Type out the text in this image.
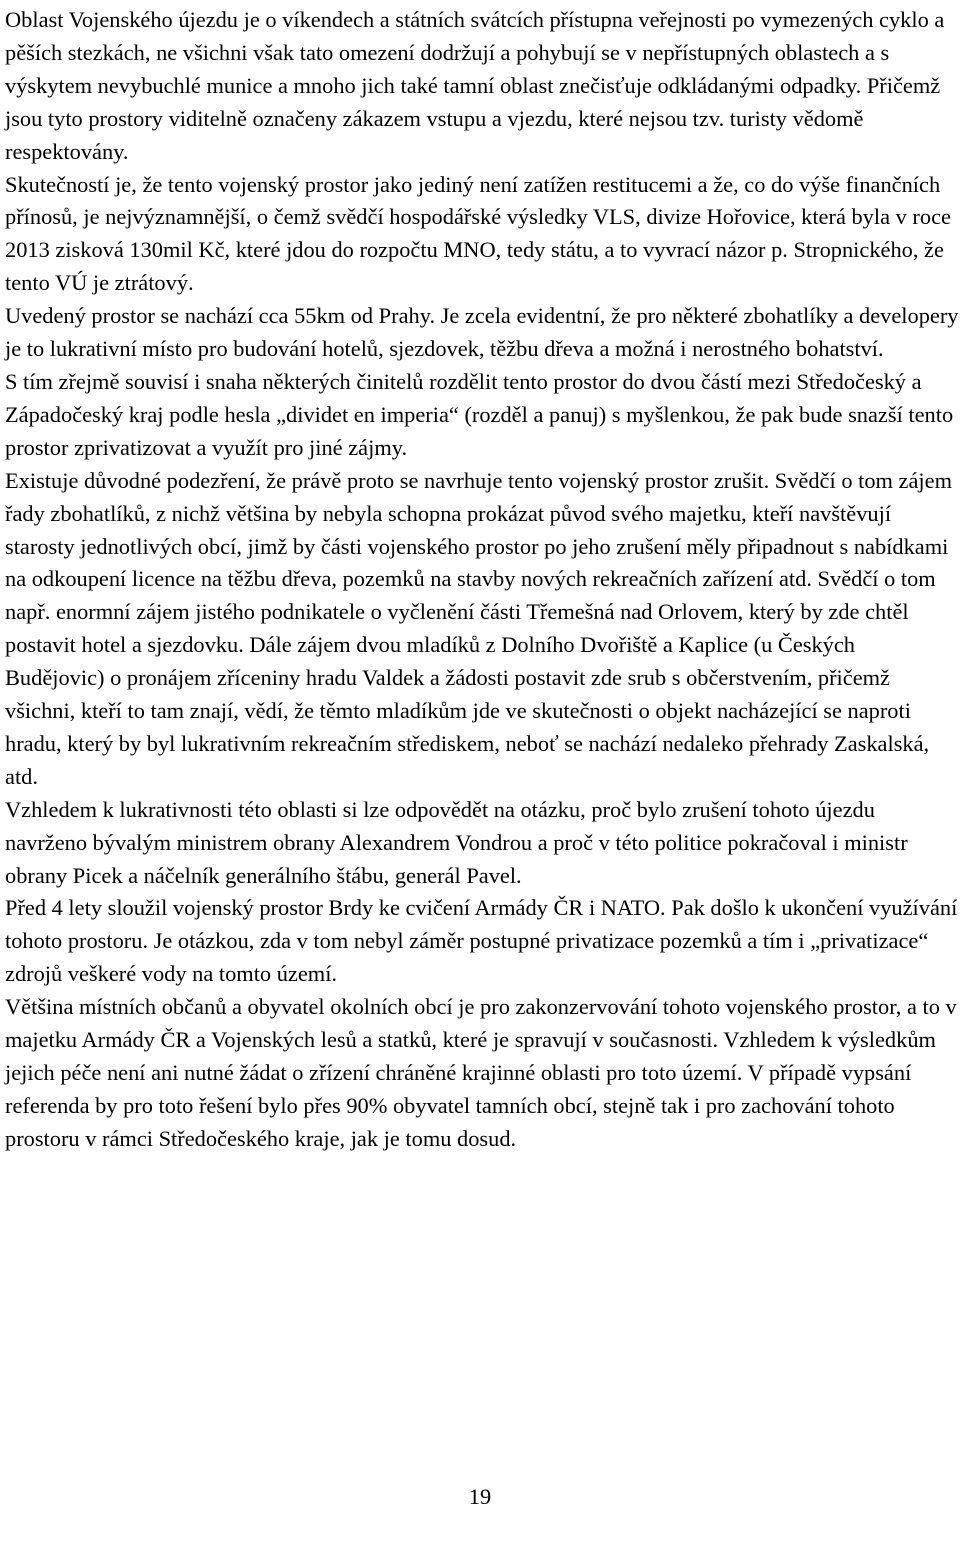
Oblast Vojenského újezdu je o víkendech a státních svátcích přístupna veřejnosti po vymezených cyklo a pěších stezkách, ne všichni však tato omezení dodržují a pohybují se v nepřístupných oblastech a s výskytem nevybuchlé munice a mnoho jich také tamní oblast znečisťuje odkládanými odpadky. Přičemž jsou tyto prostory viditelně označeny zákazem vstupu a vjezdu, které nejsou tzv. turisty vědomě respektovány.

Skutečností je, že tento vojenský prostor jako jediný není zatížen restitucemi a že, co do výše finančních přínosů, je nejvýznamnější, o čemž svědčí hospodářské výsledky VLS, divize Hořovice, která byla v roce 2013 zisková 130mil Kč, které jdou do rozpočtu MNO, tedy státu, a to vyvrací názor p. Stropnického, že tento VÚ je ztrátový.

Uvedený prostor se nachází cca 55km od Prahy. Je zcela evidentní, že pro některé zbohatlíky a developery je to lukrativní místo pro budování hotelů, sjezdovek, těžbu dřeva a možná i nerostného bohatství.

S tím zřejmě souvisí i snaha některých činitelů rozdělit tento prostor do dvou částí mezi Středočeský a Západočeský kraj podle hesla „dividet en imperia“ (rozděl a panuj) s myšlenkou, že pak bude snazší tento prostor zprivatizovat a využít pro jiné zájmy.

Existuje důvodné podezření, že právě proto se navrhuje tento vojenský prostor zrušit. Svědčí o tom zájem řady zbohatlíků, z nichž většina by nebyla schopna prokázat původ svého majetku, kteří navštěvují starosty jednotlivých obcí, jimž by části vojenského prostor po jeho zrušení měly připadnout s nabídkami na odkoupení licence na těžbu dřeva, pozemků na stavby nových rekreačních zařízení atd. Svědčí o tom např. enormní zájem jistého podnikatele o vyčlenění části Třemešná nad Orlovem, který by zde chtěl postavit hotel a sjezdovku. Dále zájem dvou mladíků z Dolního Dvořiště a Kaplice (u Českých Budějovic) o pronájem zříceniny hradu Valdek a žádosti postavit zde srub s občerstvením, přičemž všichni, kteří to tam znají, vědí, že těmto mladíkům jde ve skutečnosti o objekt nacházející se naproti hradu, který by byl lukrativním rekreačním střediskem, neboť se nachází nedaleko přehrady Zaskalská, atd.

Vzhledem k lukrativnosti této oblasti si lze odpovědět na otázku, proč bylo zrušení tohoto újezdu navrženo bývalým ministrem obrany Alexandrem Vondrou a proč v této politice pokračoval i ministr obrany Picek a náčelník generálního štábu, generál Pavel.

Před 4 lety sloužil vojenský prostor Brdy ke cvičení Armády ČR i NATO. Pak došlo k ukončení využívání tohoto prostoru. Je otázkou, zda v tom nebyl záměr postupné privatizace pozemků a tím i „privatizace“ zdrojů veškeré vody na tomto území.

Většina místních občanů a obyvatel okolních obcí je pro zakonzervování tohoto vojenského prostor, a to v majetku Armády ČR a Vojenských lesů a statků, které je spravují v současnosti. Vzhledem k výsledkům jejich péče není ani nutné žádat o zřízení chráněné krajinné oblasti pro toto území. V případě vypsání referenda by pro toto řešení bylo přes 90% obyvatel tamních obcí, stejně tak i pro zachování tohoto prostoru v rámci Středočeského kraje, jak je tomu dosud.

19
